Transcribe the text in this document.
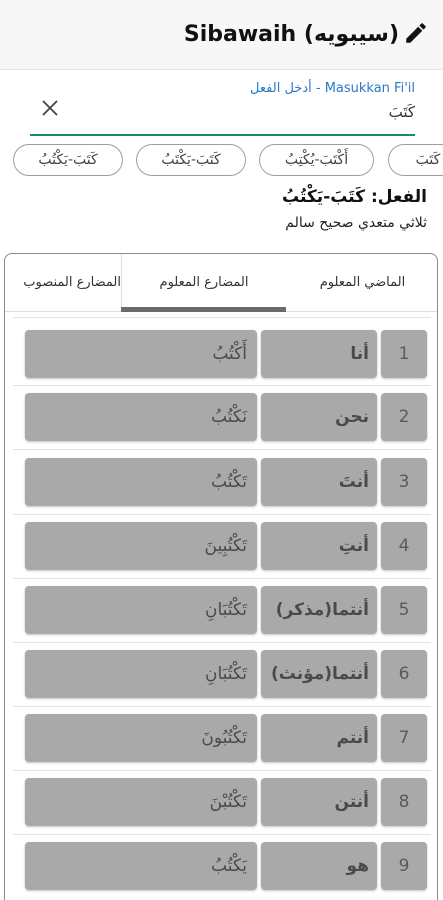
Sibawaih (سيبويه)
أدخل الفعل - Masukkan Fi'il
كَتَبَ
كَتَبَ
أَكْتَبَ-يُكْتِبُ
كَتَبَ-يَكْتَبُ
كَتَبَ-يَكْتُبُ
الفعل: كَتَبَ-يَكْتُبُ
ثلاثي متعدي صحيح سالم
الماضي المعلوم
المضارع المعلوم
المضارع المنصوب
أَكْتُبُ	أنا	1
نَكْتُبُ	نحن	2
تَكْتُبُ	أنتَ	3
تَكْتُبِينَ	أنتِ	4
تَكْتُبَانِ	أنتما(مذكر)	5
تَكْتُبَانِ	أنتما(مؤنث)	6
تَكْتُبُونَ	أنتم	7
تَكْتُبْنَ	أنتن	8
يَكْتُبُ	هو	9
